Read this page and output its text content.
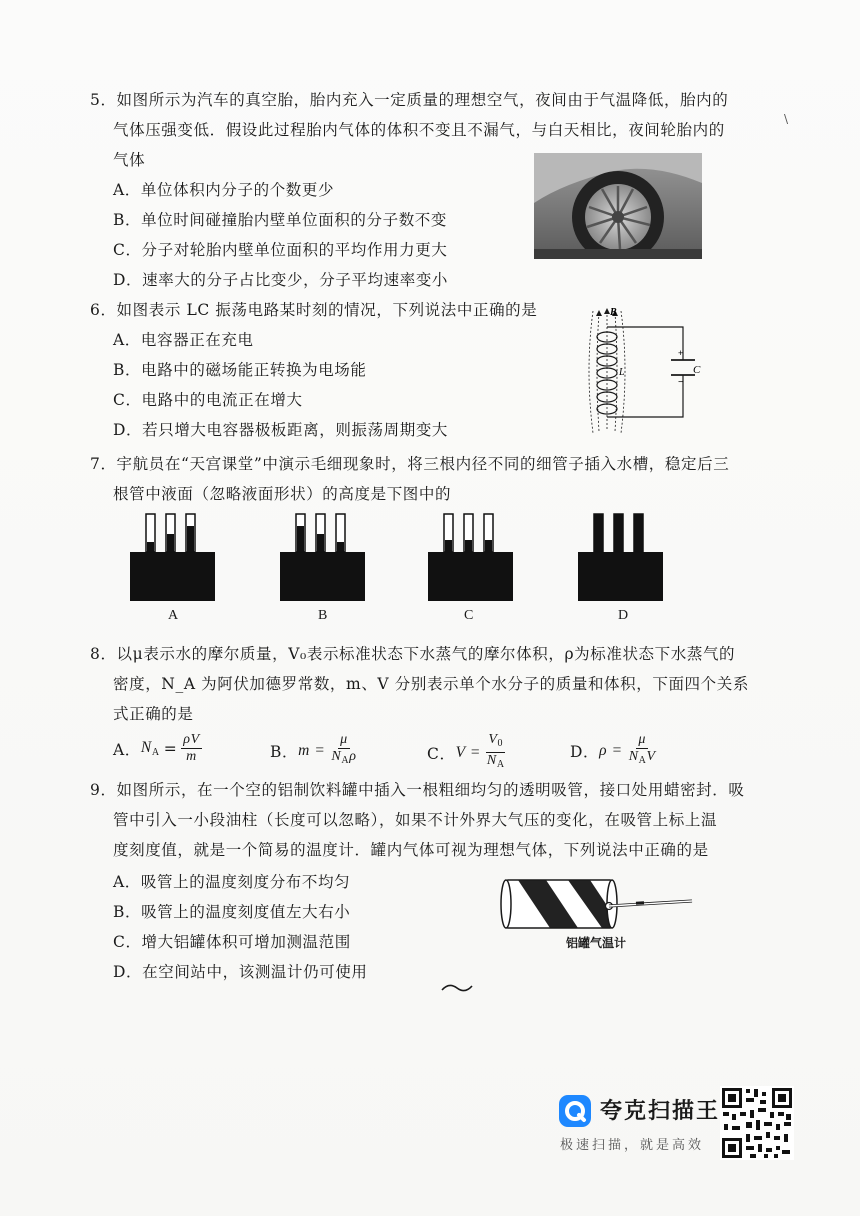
5．如图所示为汽车的真空胎，胎内充入一定质量的理想空气，夜间由于气温降低，胎内的
气体压强变低．假设此过程胎内气体的体积不变且不漏气，与白天相比，夜间轮胎内的
气体
A．单位体积内分子的个数更少
B．单位时间碰撞胎内壁单位面积的分子数不变
C．分子对轮胎内壁单位面积的平均作用力更大
D．速率大的分子占比变少，分子平均速率变小
6．如图表示 LC 振荡电路某时刻的情况，下列说法中正确的是
A．电容器正在充电
B．电路中的磁场能正转换为电场能
C．电路中的电流正在增大
D．若只增大电容器极板距离，则振荡周期变大
+
−
B
L	C
7．宇航员在“天宫课堂”中演示毛细现象时，将三根内径不同的细管子插入水槽，稳定后三
根管中液面（忽略液面形状）的高度是下图中的
A	B	C	D
8．以μ表示水的摩尔质量，V₀表示标准状态下水蒸气的摩尔体积，ρ为标准状态下水蒸气的
密度，N_A 为阿伏加德罗常数，m、V 分别表示单个水分子的质量和体积，下面四个关系
式正确的是
A． $N_A = \frac{\rho V}{m}$	B． $m = \frac{\mu}{N_A\rho}$	C． $V = \frac{V_0}{N_A}$	D． $\rho = \frac{\mu}{N_AV}$
9．如图所示，在一个空的铝制饮料罐中插入一根粗细均匀的透明吸管，接口处用蜡密封．吸
管中引入一小段油柱（长度可以忽略），如果不计外界大气压的变化，在吸管上标上温
度刻度值，就是一个简易的温度计．罐内气体可视为理想气体，下列说法中正确的是
A．吸管上的温度刻度分布不均匀
B．吸管上的温度刻度值左大右小
C．增大铝罐体积可增加测温范围
D．在空间站中，该测温计仍可使用
铝罐气温计
夸克扫描王
极速扫描，就是高效
\
